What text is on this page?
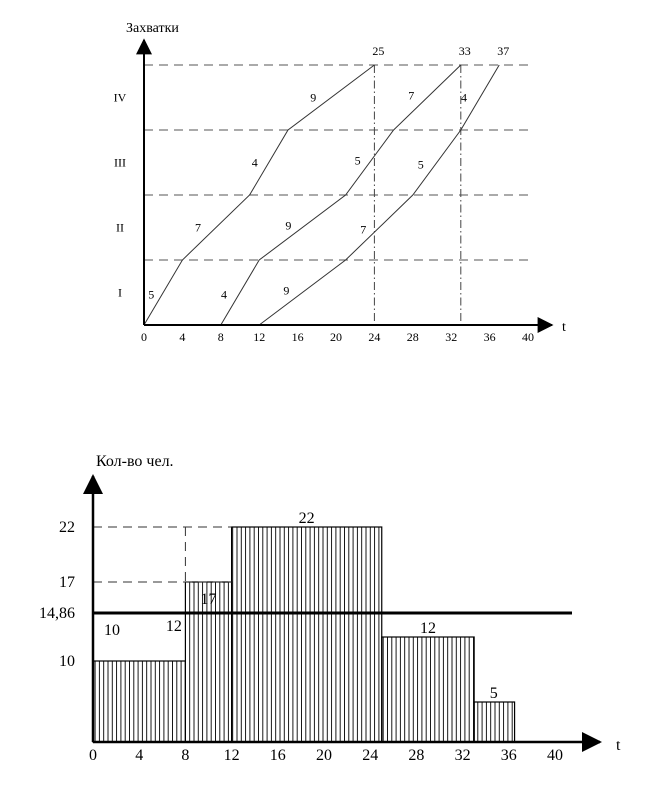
Захватки
t
0	4	8 12 16 20 24 28 32 36 40
I
II
III
IV
5
7
4
9
25
4
9
5
7
33
9
7
5
4
37
Кол-во чел.
t
0 4 8 12 16 20 24 28 32 36 40
10
14,86
17
22
17
22
12
5
10	12
